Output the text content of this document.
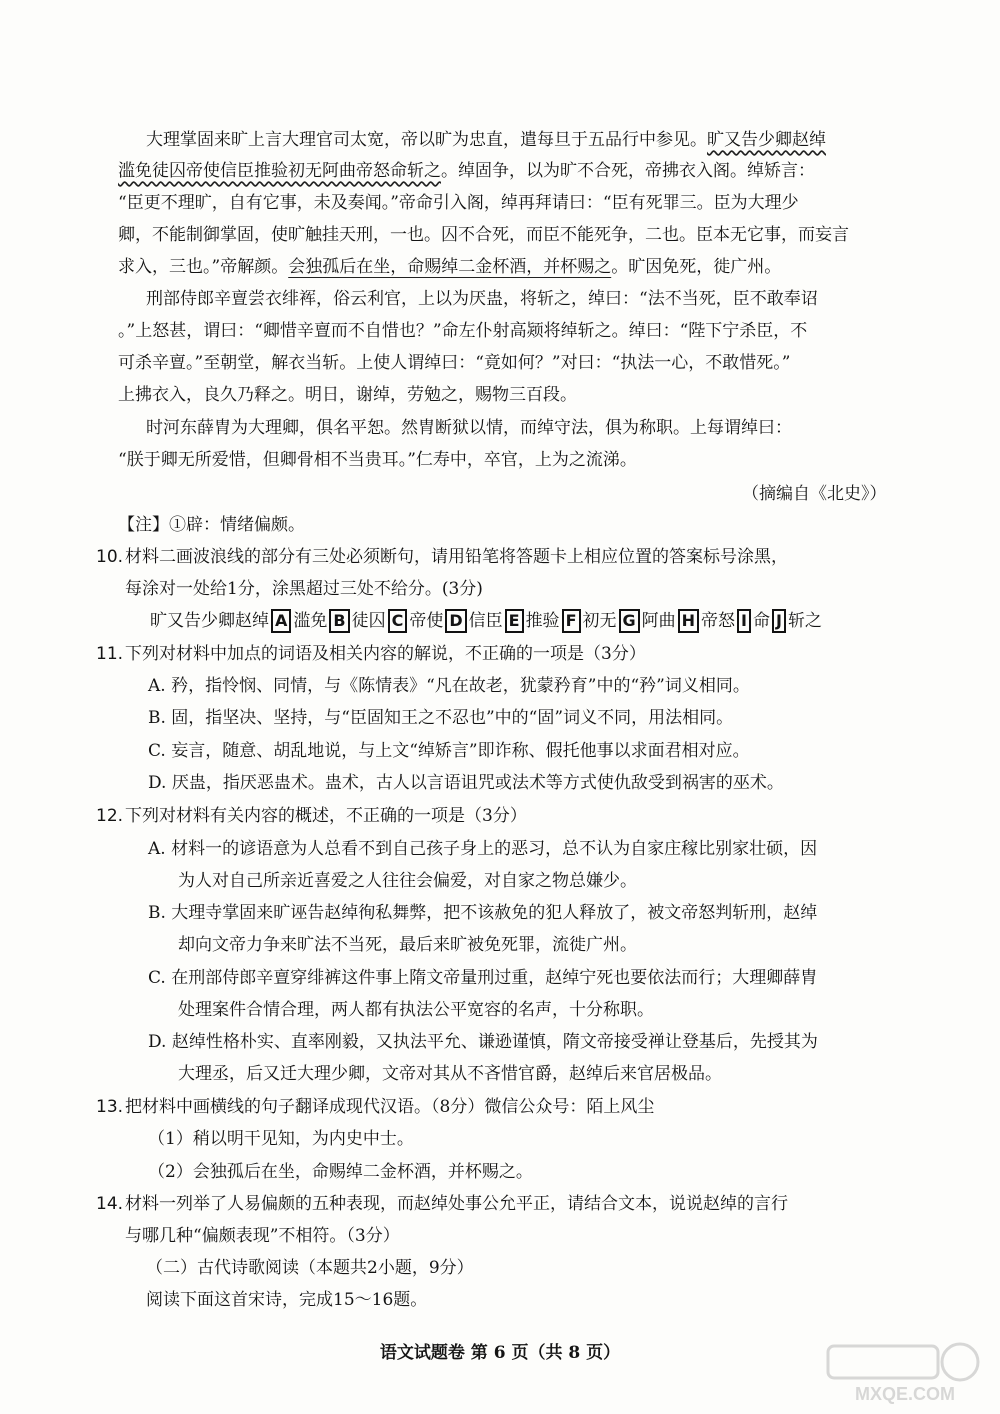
大理掌固来旷上言大理官司太宽，帝以旷为忠直，遣每旦于五品行中参见。旷又告少卿赵绰
滥免徒囚帝使信臣推验初无阿曲帝怒命斩之。绰固争，以为旷不合死，帝拂衣入阁。绰矫言：
“臣更不理旷，自有它事，未及奏闻。”帝命引入阁，绰再拜请曰：“臣有死罪三。臣为大理少
卿，不能制御掌固，使旷触挂天刑，一也。囚不合死，而臣不能死争，二也。臣本无它事，而妄言
求入，三也。”帝解颜。会独孤后在坐，命赐绰二金杯酒，并杯赐之。旷因免死，徙广州。
刑部侍郎辛亶尝衣绯裈，俗云利官，上以为厌蛊，将斩之，绰曰：“法不当死，臣不敢奉诏
。”上怒甚，谓曰：“卿惜辛亶而不自惜也？”命左仆射高颎将绰斩之。绰曰：“陛下宁杀臣，不
可杀辛亶。”至朝堂，解衣当斩。上使人谓绰曰：“竟如何？”对曰：“执法一心，不敢惜死。”
上拂衣入，良久乃释之。明日，谢绰，劳勉之，赐物三百段。
时河东薛胄为大理卿，俱名平恕。然胄断狱以情，而绰守法，俱为称职。上每谓绰曰：
“朕于卿无所爱惜，但卿骨相不当贵耳。”仁寿中，卒官，上为之流涕。
（摘编自《北史》）
【注】①辟：情绪偏颇。
10. 材料二画波浪线的部分有三处必须断句，请用铅笔将答题卡上相应位置的答案标号涂黑，
每涂对一处给1分，涂黑超过三处不给分。(3分)
旷又告少卿赵绰 A 滥免 B 徒囚 C 帝使 D 信臣 E 推验 F 初无 G 阿曲 H 帝怒 I 命 J 斩之
11. 下列对材料中加点的词语及相关内容的解说，不正确的一项是（3分）
A. 矜，指怜悯、同情，与《陈情表》“凡在故老，犹蒙矜育”中的“矜”词义相同。
B. 固，指坚决、坚持，与“臣固知王之不忍也”中的“固”词义不同，用法相同。
C. 妄言，随意、胡乱地说，与上文“绰矫言”即诈称、假托他事以求面君相对应。
D. 厌蛊，指厌恶蛊术。蛊术，古人以言语诅咒或法术等方式使仇敌受到祸害的巫术。
12. 下列对材料有关内容的概述，不正确的一项是（3分）
A. 材料一的谚语意为人总看不到自己孩子身上的恶习，总不认为自家庄稼比别家壮硕，因
为人对自己所亲近喜爱之人往往会偏爱，对自家之物总嫌少。
B. 大理寺掌固来旷诬告赵绰徇私舞弊，把不该赦免的犯人释放了，被文帝怒判斩刑，赵绰
却向文帝力争来旷法不当死，最后来旷被免死罪，流徙广州。
C. 在刑部侍郎辛亶穿绯裤这件事上隋文帝量刑过重，赵绰宁死也要依法而行；大理卿薛胄
处理案件合情合理，两人都有执法公平宽容的名声，十分称职。
D. 赵绰性格朴实、直率刚毅，又执法平允、谦逊谨慎，隋文帝接受禅让登基后，先授其为
大理丞，后又迁大理少卿，文帝对其从不吝惜官爵，赵绰后来官居极品。
13. 把材料中画横线的句子翻译成现代汉语。（8分）微信公众号：陌上风尘
（1）稍以明干见知，为内史中士。
（2）会独孤后在坐，命赐绰二金杯酒，并杯赐之。
14. 材料一列举了人易偏颇的五种表现，而赵绰处事公允平正，请结合文本，说说赵绰的言行
与哪几种“偏颇表现”不相符。（3分）
（二）古代诗歌阅读（本题共2小题，9分）
阅读下面这首宋诗，完成15～16题。
语文试题卷 第 6 页（共 8 页）
MXQE.COM
